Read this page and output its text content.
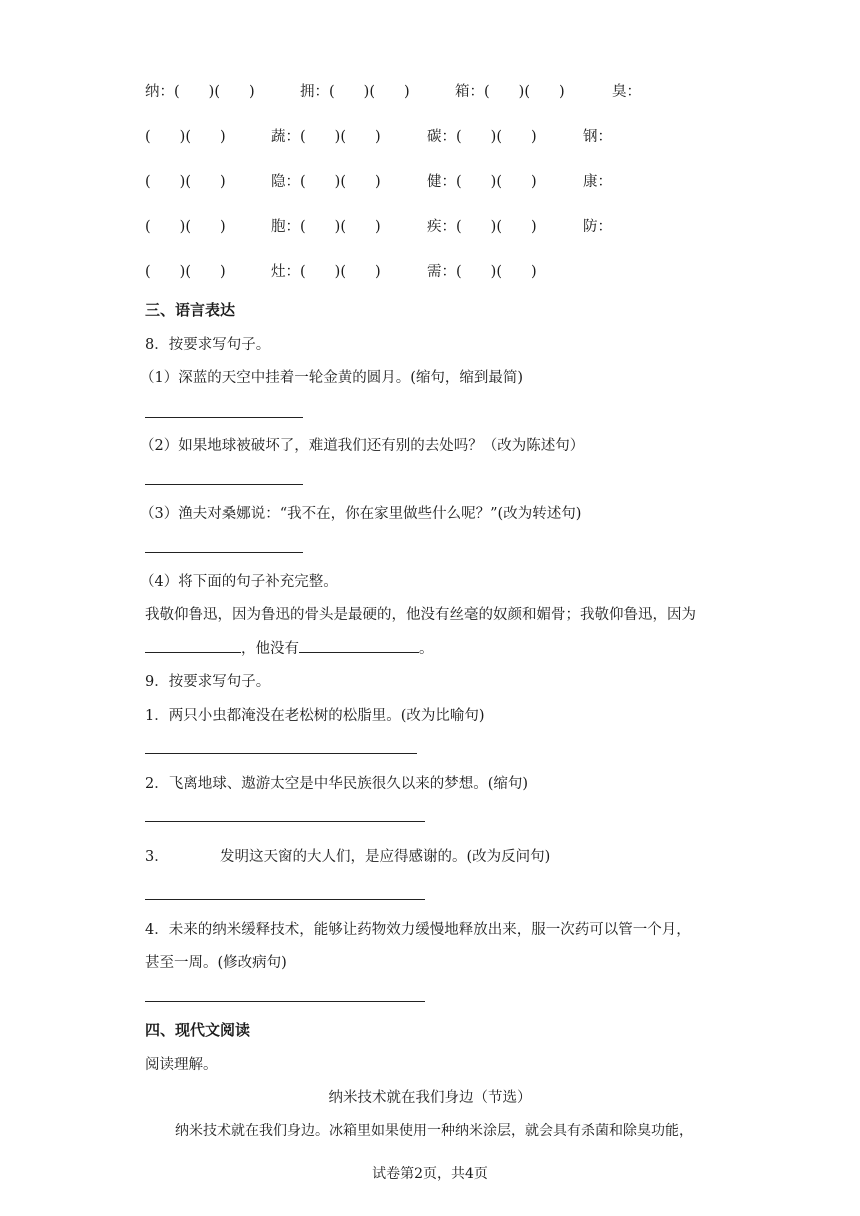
纳：(　　)(　　)	拥：(　　)(　　)	箱：(　　)(　　)	臭：
(　　)(　　)	蔬：(　　)(　　)	碳：(　　)(　　)	钢：
(　　)(　　)	隐：(　　)(　　)	健：(　　)(　　)	康：
(　　)(　　)	胞：(　　)(　　)	疾：(　　)(　　)	防：
(　　)(　　)	灶：(　　)(　　)	需：(　　)(　　)
三、语言表达
8．按要求写句子。
（1）深蓝的天空中挂着一轮金黄的圆月。(缩句，缩到最简)
（2）如果地球被破坏了，难道我们还有别的去处吗？（改为陈述句）
（3）渔夫对桑娜说：“我不在，你在家里做些什么呢？”(改为转述句)
（4）将下面的句子补充完整。
我敬仰鲁迅，因为鲁迅的骨头是最硬的，他没有丝毫的奴颜和媚骨；我敬仰鲁迅，因为
，他没有	。
9．按要求写句子。
1．两只小虫都淹没在老松树的松脂里。(改为比喻句)
2．飞离地球、遨游太空是中华民族很久以来的梦想。(缩句)
3．	发明这天窗的大人们，是应得感谢的。(改为反问句)
4．未来的纳米缓释技术，能够让药物效力缓慢地释放出来，服一次药可以管一个月，
甚至一周。(修改病句)
四、现代文阅读
阅读理解。
纳米技术就在我们身边（节选）
纳米技术就在我们身边。冰箱里如果使用一种纳米涂层，就会具有杀菌和除臭功能，
试卷第2页，共4页
